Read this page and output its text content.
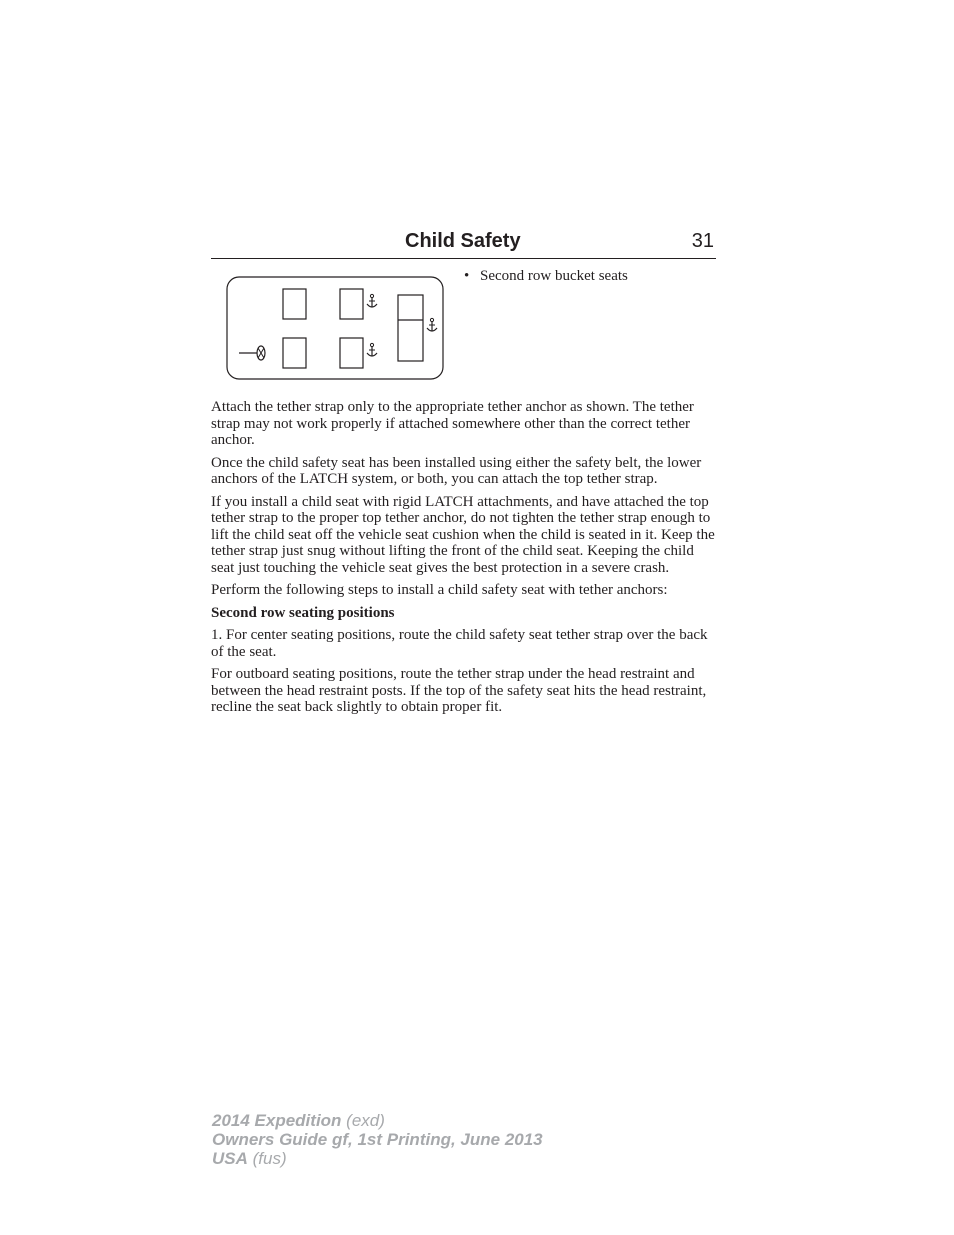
Child Safety	31
• Second row bucket seats

Attach the tether strap only to the appropriate tether anchor as shown. The tether strap may not work properly if attached somewhere other than the correct tether anchor.

Once the child safety seat has been installed using either the safety belt, the lower anchors of the LATCH system, or both, you can attach the top tether strap.

If you install a child seat with rigid LATCH attachments, and have attached the top tether strap to the proper top tether anchor, do not tighten the tether strap enough to lift the child seat off the vehicle seat cushion when the child is seated in it. Keep the tether strap just snug without lifting the front of the child seat. Keeping the child seat just touching the vehicle seat gives the best protection in a severe crash.

Perform the following steps to install a child safety seat with tether anchors:

Second row seating positions

1. For center seating positions, route the child safety seat tether strap over the back of the seat.

For outboard seating positions, route the tether strap under the head restraint and between the head restraint posts. If the top of the safety seat hits the head restraint, recline the seat back slightly to obtain proper fit.

2014 Expedition (exd)
Owners Guide gf, 1st Printing, June 2013
USA (fus)
